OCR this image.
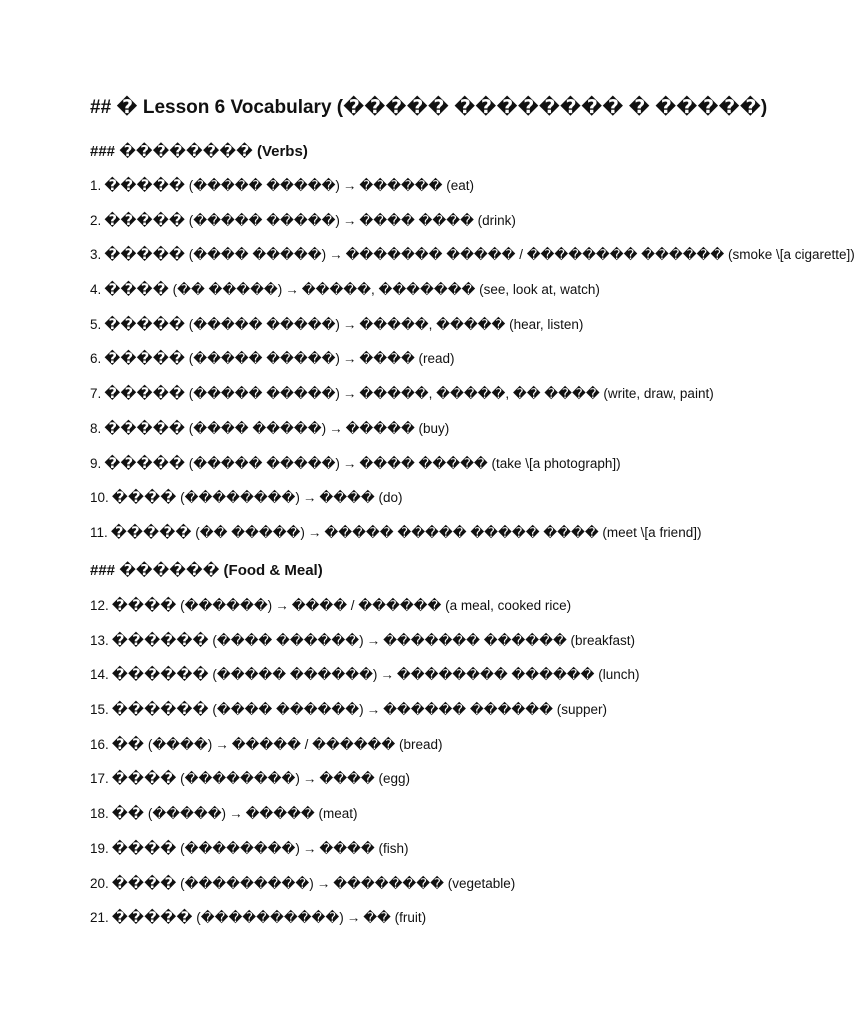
## � Lesson 6 Vocabulary (����� �������� � �����)
### �������� (Verbs)
1. ����� (����� �����) → ������ (eat)
2. ����� (����� �����) → ���� ���� (drink)
3. ����� (���� �����) → ������� ����� / �������� ������ (smoke \[a cigarette])
4. ���� (�� �����) → �����, ������� (see, look at, watch)
5. ����� (����� �����) → �����, ����� (hear, listen)
6. ����� (����� �����) → ���� (read)
7. ����� (����� �����) → �����, �����, �� ���� (write, draw, paint)
8. ����� (���� �����) → ����� (buy)
9. ����� (����� �����) → ���� ����� (take \[a photograph])
10. ���� (��������) → ���� (do)
11. ����� (�� �����) → ����� ����� ����� ���� (meet \[a friend])
### ������ (Food & Meal)
12. ���� (������) → ���� / ������ (a meal, cooked rice)
13. ������ (���� ������) → ������� ������ (breakfast)
14. ������ (����� ������) → �������� ������ (lunch)
15. ������ (���� ������) → ������ ������ (supper)
16. �� (����) → ����� / ������ (bread)
17. ���� (��������) → ���� (egg)
18. �� (�����) → ����� (meat)
19. ���� (��������) → ���� (fish)
20. ���� (���������) → �������� (vegetable)
21. ����� (����������) → �� (fruit)
